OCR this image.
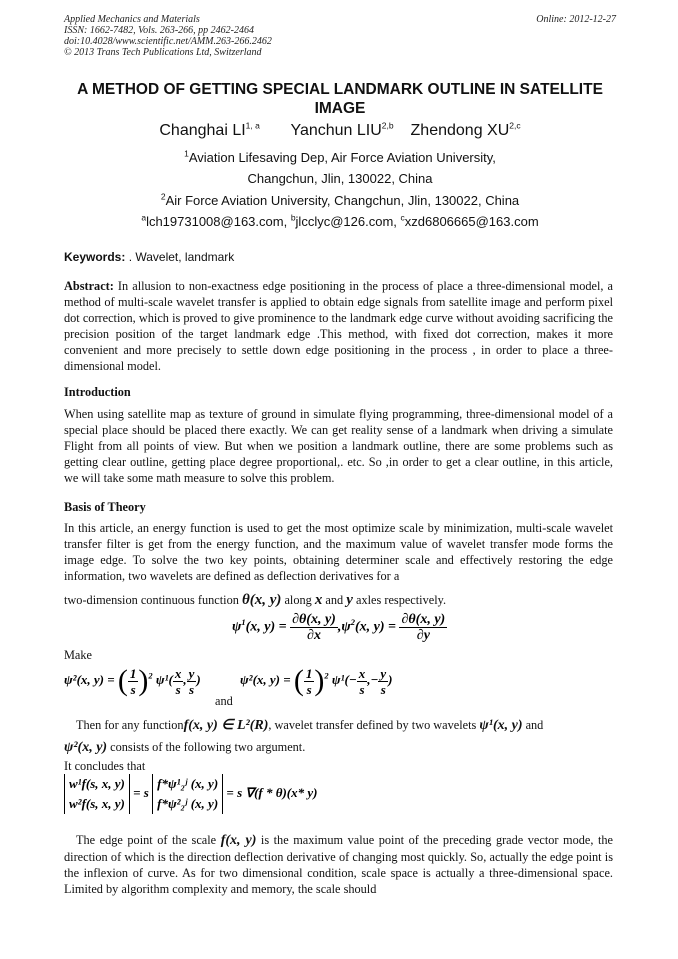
Applied Mechanics and Materials
ISSN: 1662-7482, Vols. 263-266, pp 2462-2464
doi:10.4028/www.scientific.net/AMM.263-266.2462
© 2013 Trans Tech Publications Ltd, Switzerland
Online: 2012-12-27
A METHOD OF GETTING SPECIAL LANDMARK OUTLINE IN SATELLITE
IMAGE
Changhai LI$^{1, a}$ Yanchun LIU$^{2,b}$ Zhendong XU$^{2,c}$
$^1$Aviation Lifesaving Dep, Air Force Aviation University,
Changchun, Jlin, 130022, China
$^2$Air Force Aviation University, Changchun, Jlin, 130022, China
$^a$lch19731008@163.com, $^b$jlcclyc@126.com, $^c$xzd6806665@163.com
Keywords: . Wavelet, landmark

Abstract: In allusion to non-exactness edge positioning in the process of place a three-dimensional model, a method of multi-scale wavelet transfer is applied to obtain edge signals from satellite image and perform pixel dot correction, which is proved to give prominence to the landmark edge curve without avoiding sacrificing the precision position of the target landmark edge .This method, with fixed dot correction, makes it more convenient and more precisely to settle down edge positioning in the process , in order to place a three-dimensional model.

Introduction

When using satellite map as texture of ground in simulate flying programming, three-dimensional model of a special place should be placed there exactly. We can get reality sense of a landmark when driving a simulate Flight from all points of view. But when we position a landmark outline, there are some problems such as getting clear outline, getting place degree proportional,. etc. So ,in order to get a clear outline, in this article, we will take some math measure to solve this problem.

Basis of Theory

In this article, an energy function is used to get the most optimize scale by minimization, multi-scale wavelet transfer filter is get from the energy function, and the maximum value of wavelet transfer mode forms the image edge. To solve the two key points, obtaining determiner scale and effectively restoring the edge information, two wavelets are defined as deflection derivatives for a

two-dimension continuous function θ(x, y) along x and y axles respectively.
$\psi^1(x$, $y) = \frac{\partial\theta(x, y)}{\partial x} ,\psi^2(x$, $y) = \frac{\partial\theta(x, y)}{\partial y}$
Make
ψ²(x, y) = ( $\frac{1}{s} )^2$ $\psi^1( \frac{x}{s}$ , $\frac{y}{s}$ )
and
ψ²(x, y) = ( $\frac{1}{s} )^2$ $\psi^1(- \frac{x}{s}$ ,− $\frac{y}{s}$ )
Then for any functionf(x, y) ∈ L²(R), wavelet transfer defined by two wavelets ψ¹(x, y) and
ψ²(x, y) consists of the following two argument.
It concludes that
w¹f(s, x, y)
w²f(s, x, y)
= s
f*ψ¹₂ʲ (x, y)
f*ψ²₂ʲ (x, y)
= s ∇(f * θ)(x* y)

The edge point of the scale f(x, y) is the maximum value point of the preceding grade vector mode, the direction of which is the direction deflection derivative of changing most quickly. So, actually the edge point is the inflexion of curve. As for two dimensional condition, scale space is actually a three-dimensional space. Limited by algorithm complexity and memory, the scale should
